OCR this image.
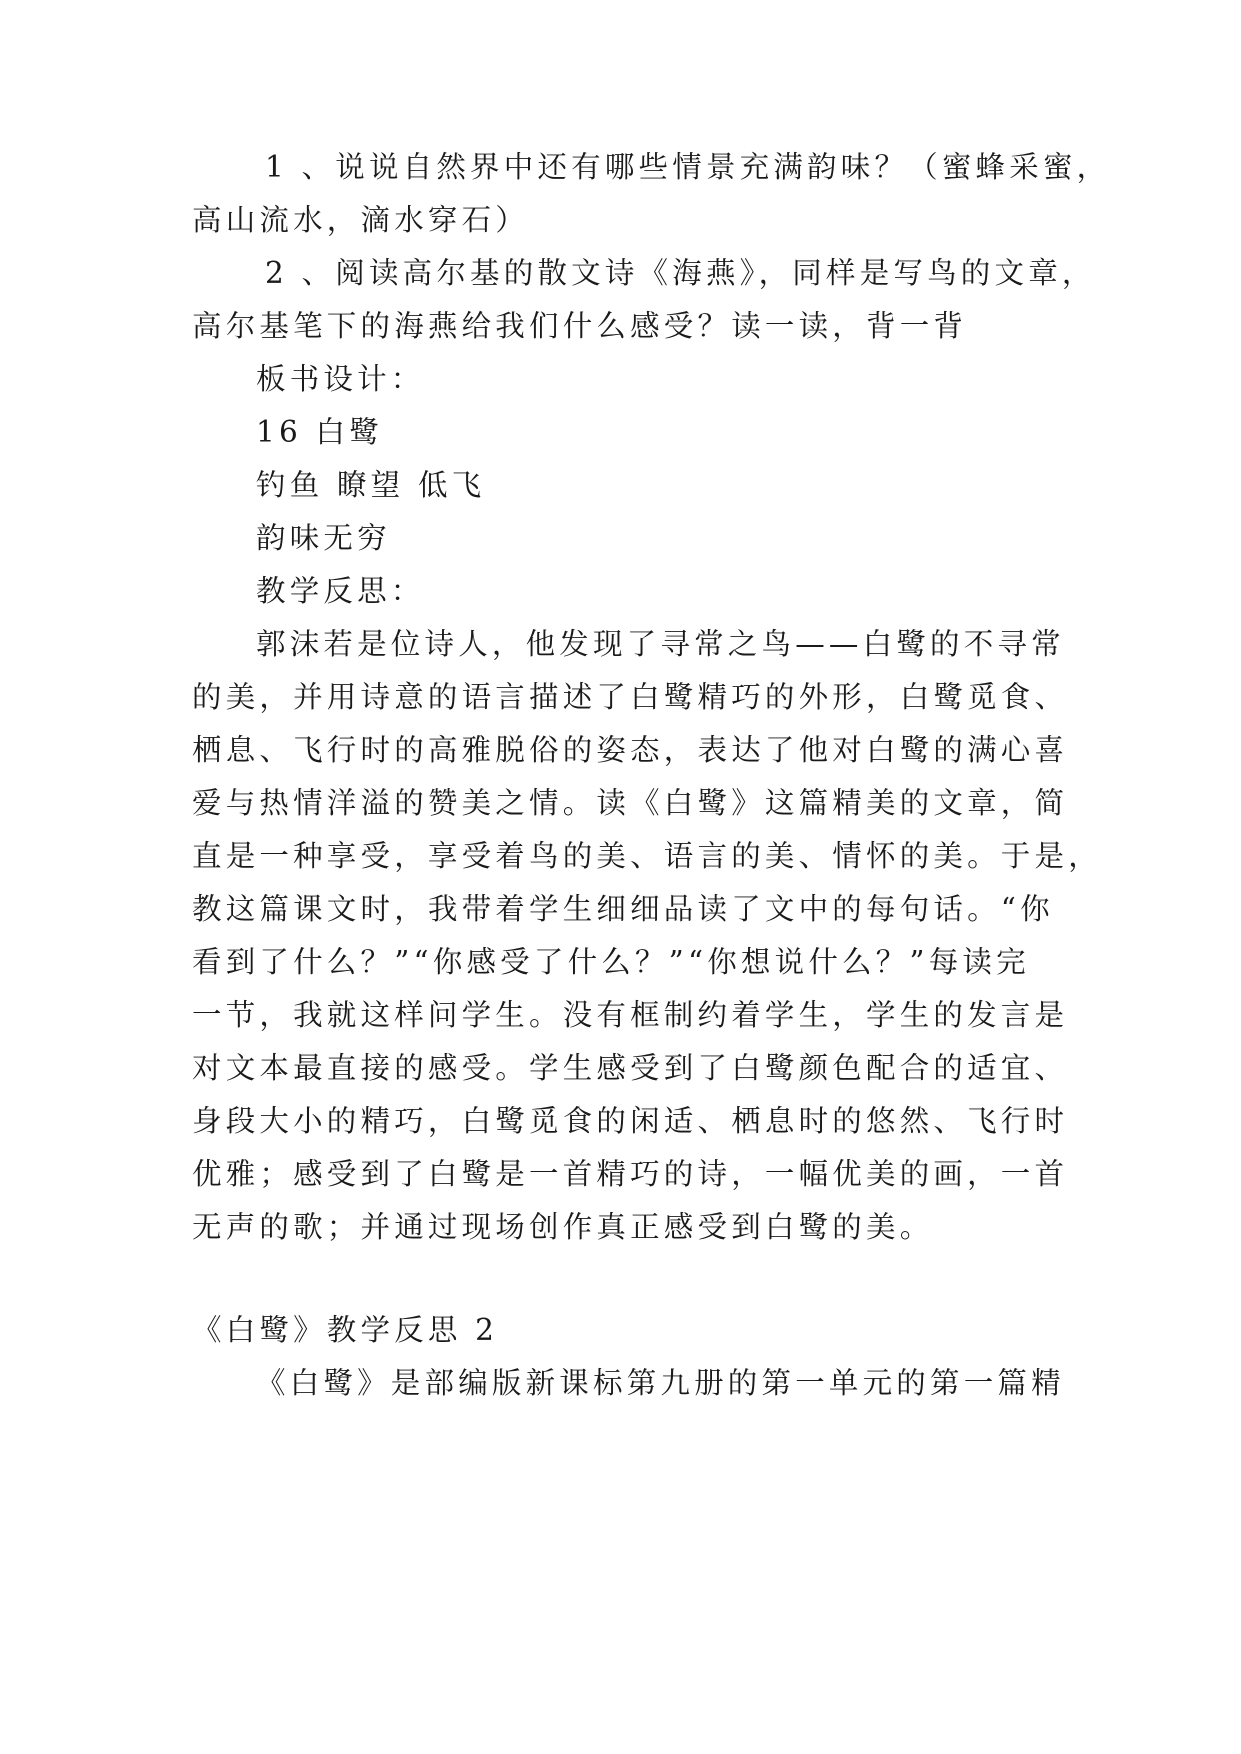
1 、说说自然界中还有哪些情景充满韵味？（蜜蜂采蜜，
高山流水，滴水穿石）
2 、阅读高尔基的散文诗《海燕》，同样是写鸟的文章，
高尔基笔下的海燕给我们什么感受？读一读，背一背
板书设计：
16 白鹭
钓鱼 瞭望 低飞
韵味无穷
教学反思：
郭沫若是位诗人，他发现了寻常之鸟——白鹭的不寻常
的美，并用诗意的语言描述了白鹭精巧的外形，白鹭觅食、
栖息、飞行时的高雅脱俗的姿态，表达了他对白鹭的满心喜
爱与热情洋溢的赞美之情。读《白鹭》这篇精美的文章，简
直是一种享受，享受着鸟的美、语言的美、情怀的美。于是，
教这篇课文时，我带着学生细细品读了文中的每句话。“你
看到了什么？”“你感受了什么？”“你想说什么？”每读完
一节，我就这样问学生。没有框制约着学生，学生的发言是
对文本最直接的感受。学生感受到了白鹭颜色配合的适宜、
身段大小的精巧，白鹭觅食的闲适、栖息时的悠然、飞行时
优雅；感受到了白鹭是一首精巧的诗，一幅优美的画，一首
无声的歌；并通过现场创作真正感受到白鹭的美。
《白鹭》教学反思 2
《白鹭》是部编版新课标第九册的第一单元的第一篇精
